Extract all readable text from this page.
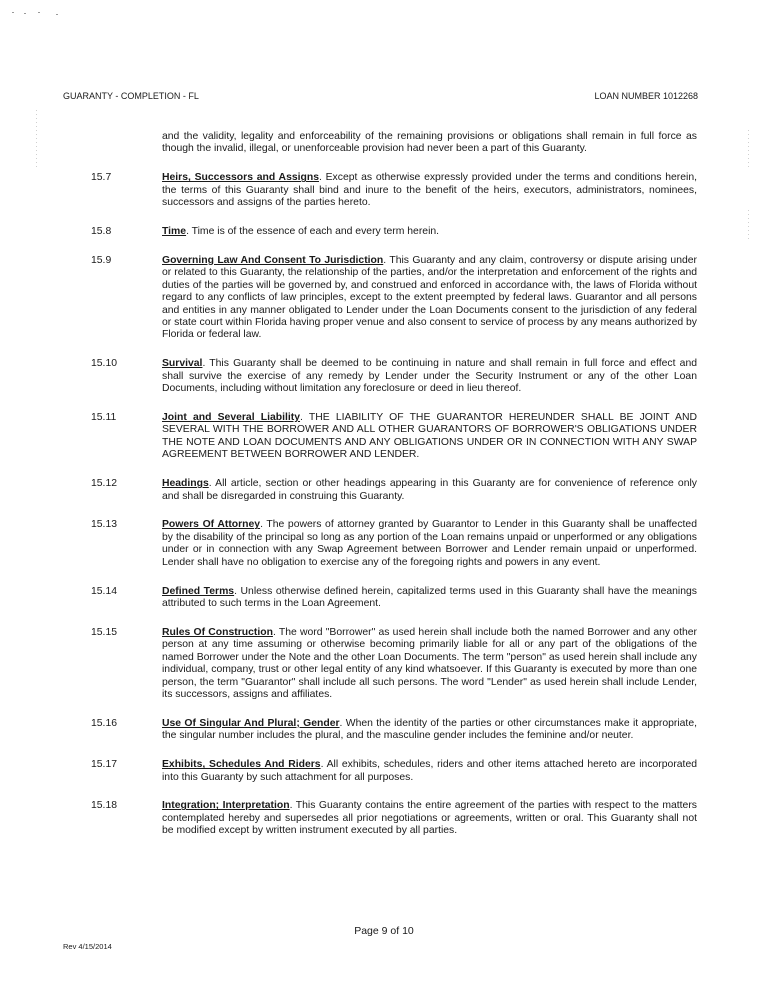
GUARANTY - COMPLETION - FL	LOAN NUMBER 1012268

and the validity, legality and enforceability of the remaining provisions or obligations shall remain in full force as though the invalid, illegal, or unenforceable provision had never been a part of this Guaranty.

15.7	Heirs, Successors and Assigns. Except as otherwise expressly provided under the terms and conditions herein, the terms of this Guaranty shall bind and inure to the benefit of the heirs, executors, administrators, nominees, successors and assigns of the parties hereto.
15.8	Time. Time is of the essence of each and every term herein.
15.9	Governing Law And Consent To Jurisdiction. This Guaranty and any claim, controversy or dispute arising under or related to this Guaranty, the relationship of the parties, and/or the interpretation and enforcement of the rights and duties of the parties will be governed by, and construed and enforced in accordance with, the laws of Florida without regard to any conflicts of law principles, except to the extent preempted by federal laws. Guarantor and all persons and entities in any manner obligated to Lender under the Loan Documents consent to the jurisdiction of any federal or state court within Florida having proper venue and also consent to service of process by any means authorized by Florida or federal law.
15.10	Survival. This Guaranty shall be deemed to be continuing in nature and shall remain in full force and effect and shall survive the exercise of any remedy by Lender under the Security Instrument or any of the other Loan Documents, including without limitation any foreclosure or deed in lieu thereof.
15.11	Joint and Several Liability. THE LIABILITY OF THE GUARANTOR HEREUNDER SHALL BE JOINT AND SEVERAL WITH THE BORROWER AND ALL OTHER GUARANTORS OF BORROWER'S OBLIGATIONS UNDER THE NOTE AND LOAN DOCUMENTS AND ANY OBLIGATIONS UNDER OR IN CONNECTION WITH ANY SWAP AGREEMENT BETWEEN BORROWER AND LENDER.
15.12	Headings. All article, section or other headings appearing in this Guaranty are for convenience of reference only and shall be disregarded in construing this Guaranty.
15.13	Powers Of Attorney. The powers of attorney granted by Guarantor to Lender in this Guaranty shall be unaffected by the disability of the principal so long as any portion of the Loan remains unpaid or unperformed or any obligations under or in connection with any Swap Agreement between Borrower and Lender remain unpaid or unperformed. Lender shall have no obligation to exercise any of the foregoing rights and powers in any event.
15.14	Defined Terms. Unless otherwise defined herein, capitalized terms used in this Guaranty shall have the meanings attributed to such terms in the Loan Agreement.
15.15	Rules Of Construction. The word "Borrower" as used herein shall include both the named Borrower and any other person at any time assuming or otherwise becoming primarily liable for all or any part of the obligations of the named Borrower under the Note and the other Loan Documents. The term "person" as used herein shall include any individual, company, trust or other legal entity of any kind whatsoever. If this Guaranty is executed by more than one person, the term "Guarantor" shall include all such persons. The word "Lender" as used herein shall include Lender, its successors, assigns and affiliates.
15.16	Use Of Singular And Plural; Gender. When the identity of the parties or other circumstances make it appropriate, the singular number includes the plural, and the masculine gender includes the feminine and/or neuter.
15.17	Exhibits, Schedules And Riders. All exhibits, schedules, riders and other items attached hereto are incorporated into this Guaranty by such attachment for all purposes.
15.18	Integration; Interpretation. This Guaranty contains the entire agreement of the parties with respect to the matters contemplated hereby and supersedes all prior negotiations or agreements, written or oral. This Guaranty shall not be modified except by written instrument executed by all parties.
Page 9 of 10
Rev 4/15/2014
